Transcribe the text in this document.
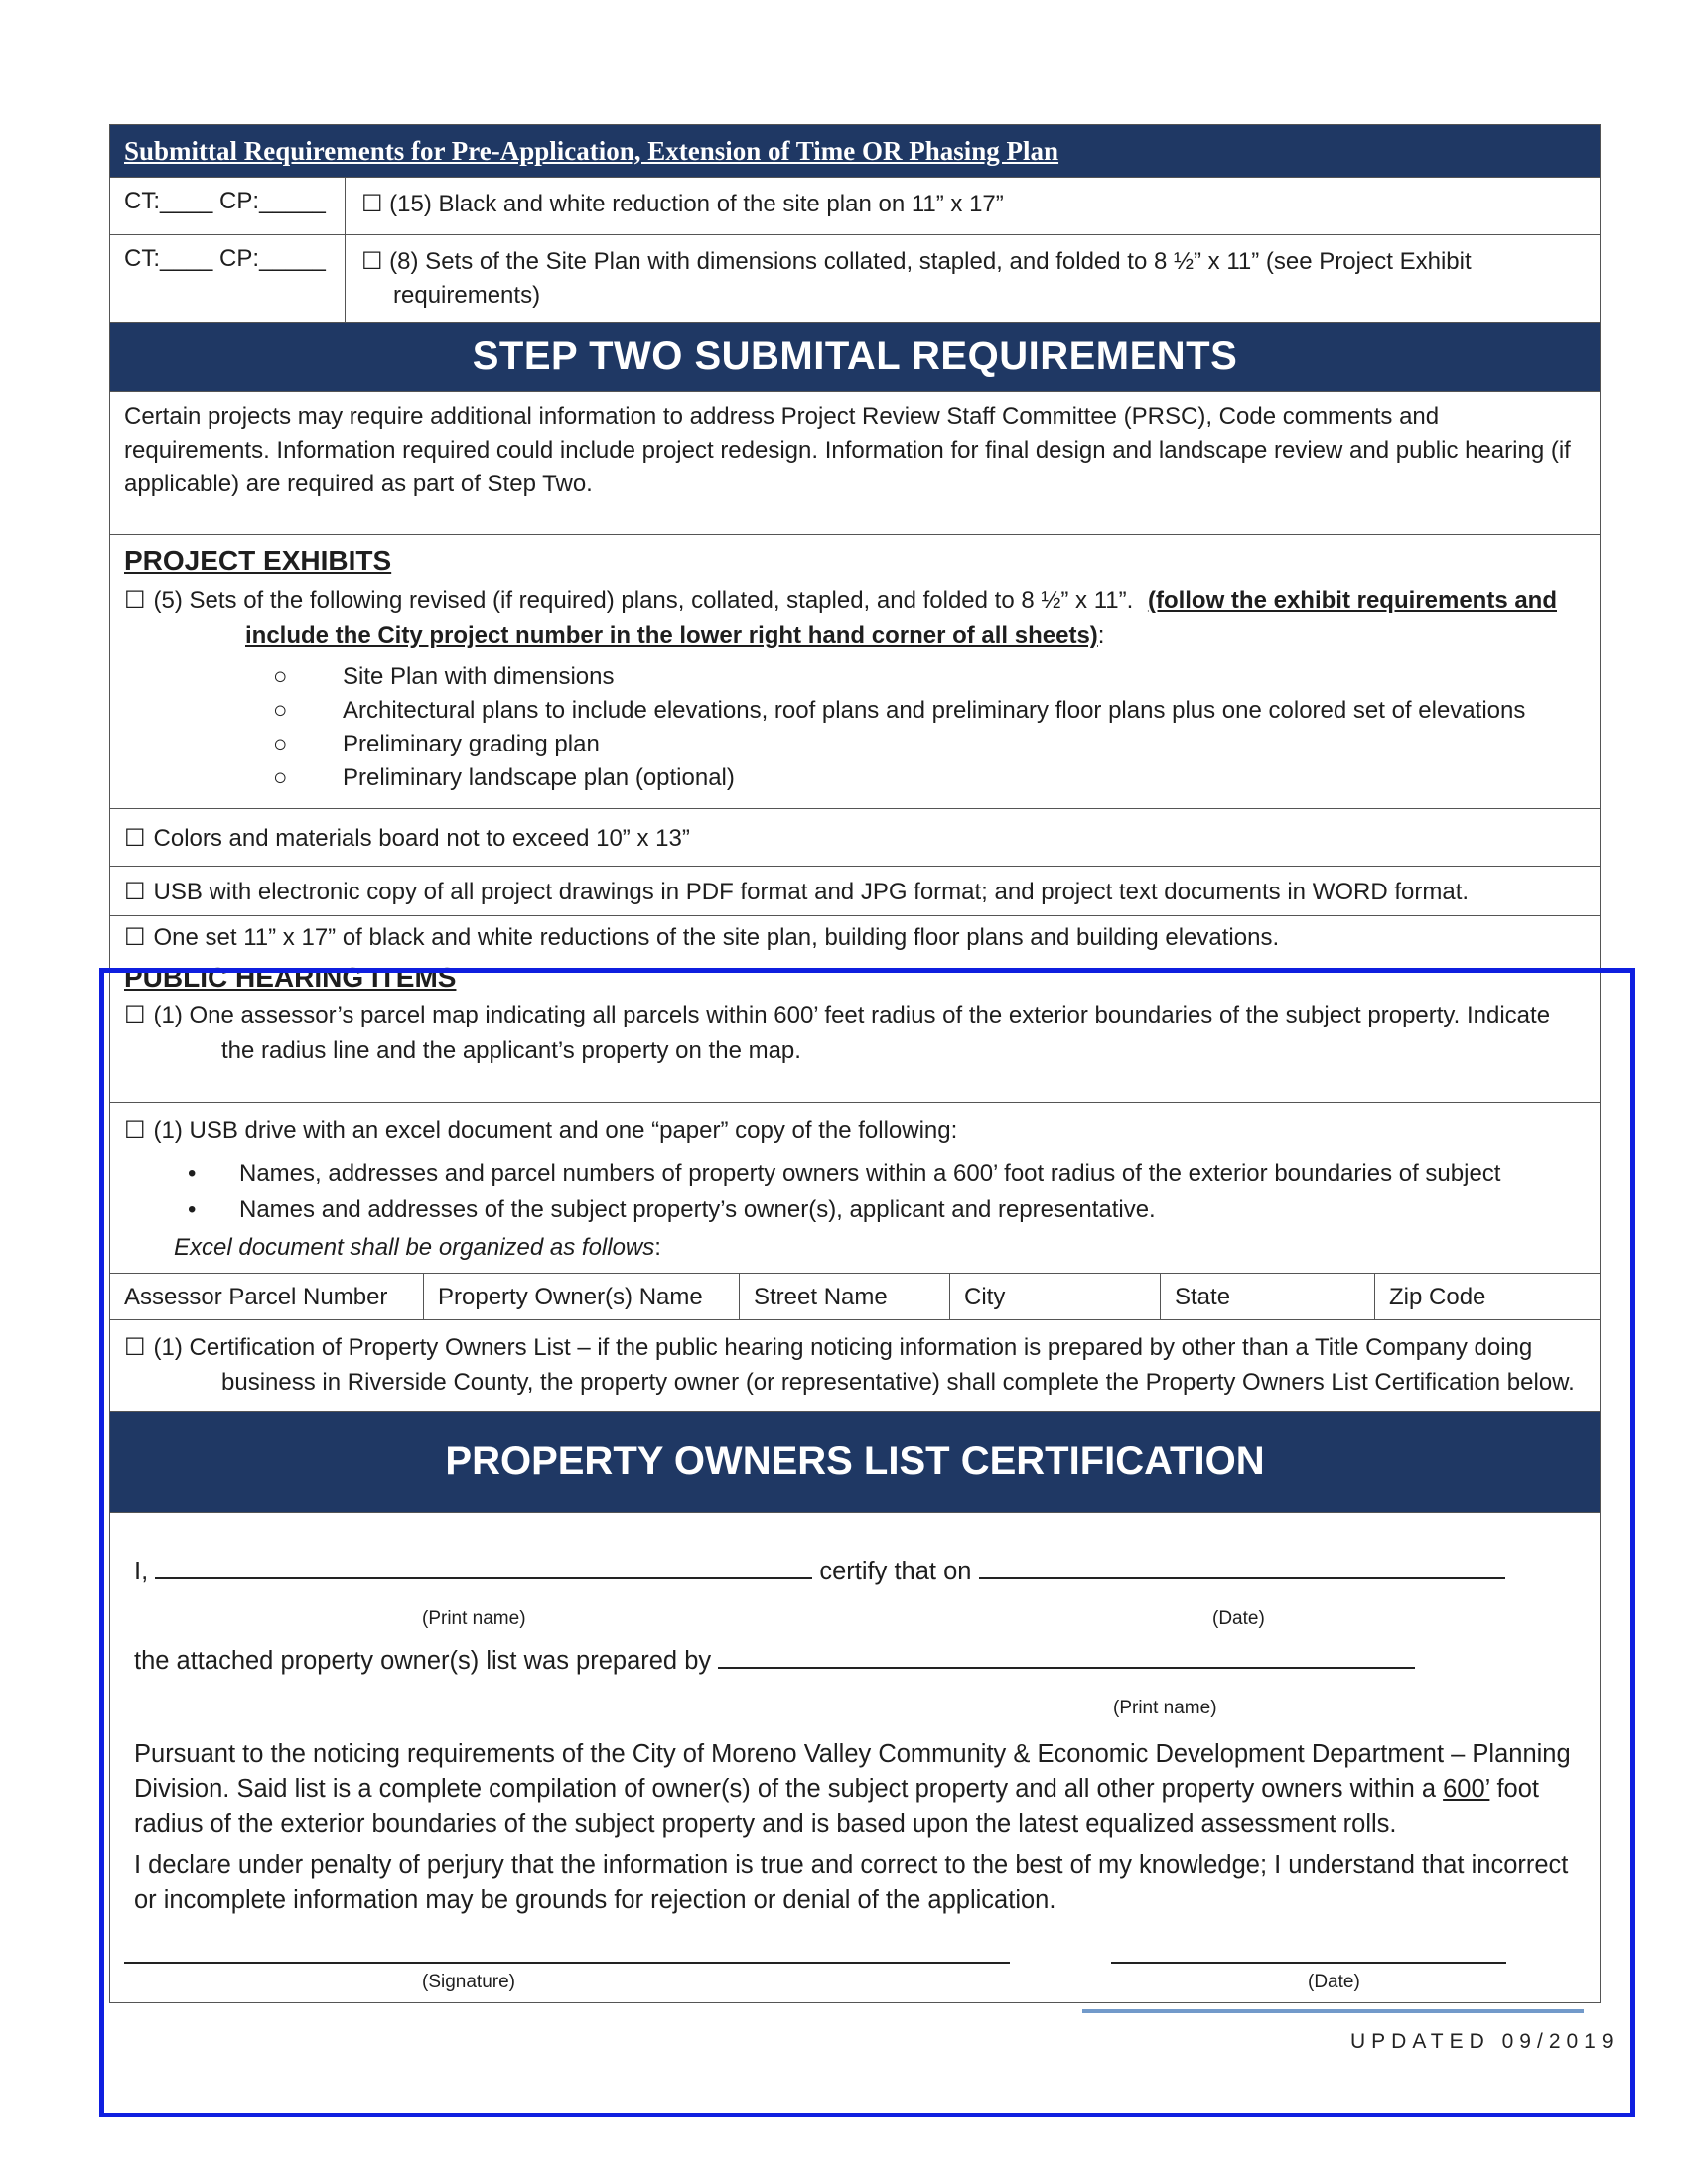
Submittal Requirements for Pre-Application, Extension of Time OR Phasing Plan
CT:____ CP:_____	☐ (15) Black and white reduction of the site plan on 11” x 17”
CT:____ CP:_____	☐ (8) Sets of the Site Plan with dimensions collated, stapled, and folded to 8 ½” x 11” (see Project Exhibit
requirements)
STEP TWO SUBMITAL REQUIREMENTS
Certain projects may require additional information to address Project Review Staff Committee (PRSC), Code comments and requirements. Information required could include project redesign. Information for final design and landscape review and public hearing (if applicable) are required as part of Step Two.
PROJECT EXHIBITS
☐ (5) Sets of the following revised (if required) plans, collated, stapled, and folded to 8 ½” x 11”. (follow the exhibit requirements and
include the City project number in the lower right hand corner of all sheets):
○ Site Plan with dimensions
○ Architectural plans to include elevations, roof plans and preliminary floor plans plus one colored set of elevations
○ Preliminary grading plan
○ Preliminary landscape plan (optional)
☐ Colors and materials board not to exceed 10” x 13”
☐ USB with electronic copy of all project drawings in PDF format and JPG format; and project text documents in WORD format.
☐ One set 11” x 17” of black and white reductions of the site plan, building floor plans and building elevations.
PUBLIC HEARING ITEMS
☐ (1) One assessor’s parcel map indicating all parcels within 600’ feet radius of the exterior boundaries of the subject property. Indicate
the radius line and the applicant’s property on the map.
☐ (1) USB drive with an excel document and one “paper” copy of the following:
• Names, addresses and parcel numbers of property owners within a 600’ foot radius of the exterior boundaries of subject
• Names and addresses of the subject property’s owner(s), applicant and representative.
Excel document shall be organized as follows:
Assessor Parcel Number	Property Owner(s) Name	Street Name	City	State	Zip Code
☐ (1) Certification of Property Owners List – if the public hearing noticing information is prepared by other than a Title Company doing
business in Riverside County, the property owner (or representative) shall complete the Property Owners List Certification below.
PROPERTY OWNERS LIST CERTIFICATION
I,	certify that on
(Print name)	(Date)
the attached property owner(s) list was prepared by
(Print name)
Pursuant to the noticing requirements of the City of Moreno Valley Community & Economic Development Department – Planning Division. Said list is a complete compilation of owner(s) of the subject property and all other property owners within a 600’ foot radius of the exterior boundaries of the subject property and is based upon the latest equalized assessment rolls.
I declare under penalty of perjury that the information is true and correct to the best of my knowledge; I understand that incorrect or incomplete information may be grounds for rejection or denial of the application.
(Signature)	(Date)
UPDATED 09/2019
